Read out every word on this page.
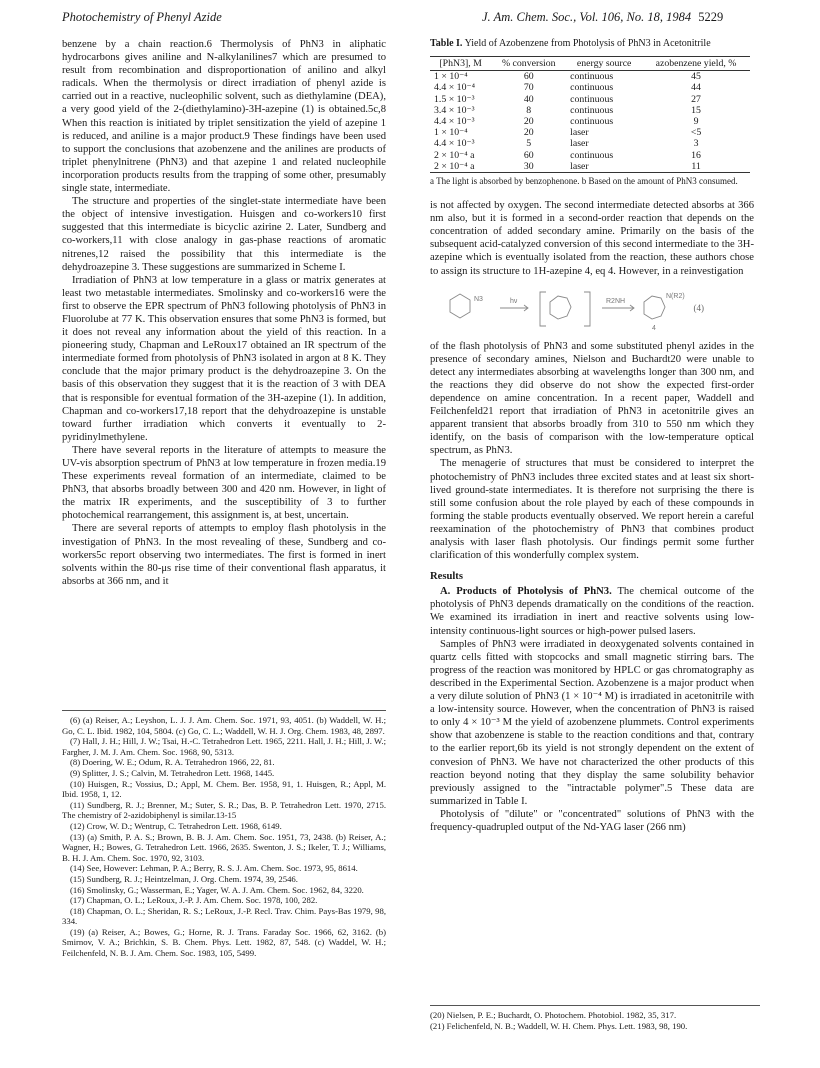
Photochemistry of Phenyl Azide	J. Am. Chem. Soc., Vol. 106, No. 18, 1984 5229

benzene by a chain reaction.6 Thermolysis of PhN3 in aliphatic hydrocarbons gives aniline and N-alkylanilines7 which are presumed to result from recombination and disproportionation of anilino and alkyl radicals. When the thermolysis or direct irradiation of phenyl azide is carried out in a reactive, nucleophilic solvent, such as diethylamine (DEA), a very good yield of the 2-(diethylamino)-3H-azepine (1) is obtained.5c,8 When this reaction is initiated by triplet sensitization the yield of azepine 1 is reduced, and aniline is a major product.9 These findings have been used to support the conclusions that azobenzene and the anilines are products of triplet phenylnitrene (PhN3) and that azepine 1 and related nucleophile incorporation products results from the trapping of some other, presumably single state, intermediate.

The structure and properties of the singlet-state intermediate have been the object of intensive investigation. Huisgen and co-workers10 first suggested that this intermediate is bicyclic azirine 2. Later, Sundberg and co-workers,11 with close analogy in gas-phase reactions of aromatic nitrenes,12 raised the possibility that this intermediate is the dehydroazepine 3. These suggestions are summarized in Scheme I.

Irradiation of PhN3 at low temperature in a glass or matrix generates at least two metastable intermediates. Smolinsky and co-workers16 were the first to observe the EPR spectrum of PhN3 following photolysis of PhN3 in Fluorolube at 77 K. This observation ensures that some PhN3 is formed, but it does not reveal any information about the yield of this reaction. In a pioneering study, Chapman and LeRoux17 obtained an IR spectrum of the intermediate formed from photolysis of PhN3 isolated in argon at 8 K. They conclude that the major primary product is the dehydroazepine 3. On the basis of this observation they suggest that it is the reaction of 3 with DEA that is responsible for eventual formation of the 3H-azepine (1). In addition, Chapman and co-workers17,18 report that the dehydroazepine is unstable toward further irradiation which converts it eventually to 2-pyridinylmethylene.

There have several reports in the literature of attempts to measure the UV-vis absorption spectrum of PhN3 at low temperature in frozen media.19 These experiments reveal formation of an intermediate, claimed to be PhN3, that absorbs broadly between 300 and 420 nm. However, in light of the matrix IR experiments, and the susceptibility of 3 to further photochemical rearrangement, this assignment is, at best, uncertain.

There are several reports of attempts to employ flash photolysis in the investigation of PhN3. In the most revealing of these, Sundberg and co-workers5c report observing two intermediates. The first is formed in inert solvents within the 80-μs rise time of their conventional flash apparatus, it absorbs at 366 nm, and it

(6) (a) Reiser, A.; Leyshon, L. J. J. Am. Chem. Soc. 1971, 93, 4051. (b) Waddell, W. H.; Go, C. L. Ibid. 1982, 104, 5804. (c) Go, C. L.; Waddell, W. H. J. Org. Chem. 1983, 48, 2897.
(7) Hall, J. H.; Hill, J. W.; Tsai, H.-C. Tetrahedron Lett. 1965, 2211. Hall, J. H.; Hill, J. W.; Fargher, J. M. J. Am. Chem. Soc. 1968, 90, 5313.
(8) Doering, W. E.; Odum, R. A. Tetrahedron 1966, 22, 81.
(9) Splitter, J. S.; Calvin, M. Tetrahedron Lett. 1968, 1445.
(10) Huisgen, R.; Vossius, D.; Appl, M. Chem. Ber. 1958, 91, 1. Huisgen, R.; Appl, M. Ibid. 1958, 1, 12.
(11) Sundberg, R. J.; Brenner, M.; Suter, S. R.; Das, B. P. Tetrahedron Lett. 1970, 2715. The chemistry of 2-azidobiphenyl is similar.13-15
(12) Crow, W. D.; Wentrup, C. Tetrahedron Lett. 1968, 6149.
(13) (a) Smith, P. A. S.; Brown, B. B. J. Am. Chem. Soc. 1951, 73, 2438. (b) Reiser, A.; Wagner, H.; Bowes, G. Tetrahedron Lett. 1966, 2635. Swenton, J. S.; Ikeler, T. J.; Williams, B. H. J. Am. Chem. Soc. 1970, 92, 3103.
(14) See, However: Lehman, P. A.; Berry, R. S. J. Am. Chem. Soc. 1973, 95, 8614.
(15) Sundberg, R. J.; Heintzelman, J. Org. Chem. 1974, 39, 2546.
(16) Smolinsky, G.; Wasserman, E.; Yager, W. A. J. Am. Chem. Soc. 1962, 84, 3220.
(17) Chapman, O. L.; LeRoux, J.-P. J. Am. Chem. Soc. 1978, 100, 282.
(18) Chapman, O. L.; Sheridan, R. S.; LeRoux, J.-P. Recl. Trav. Chim. Pays-Bas 1979, 98, 334.
(19) (a) Reiser, A.; Bowes, G.; Horne, R. J. Trans. Faraday Soc. 1966, 62, 3162. (b) Smirnov, V. A.; Brichkin, S. B. Chem. Phys. Lett. 1982, 87, 548. (c) Waddel, W. H.; Feilchenfeld, N. B. J. Am. Chem. Soc. 1983, 105, 5499.
Table I. Yield of Azobenzene from Photolysis of PhN3 in Acetonitrile
[PhN3], M	% conversion	energy source	azobenzene yield, %
1 × 10⁻⁴	60	continuous	45
4.4 × 10⁻⁴	70	continuous	44
1.5 × 10⁻³	40	continuous	27
3.4 × 10⁻³	8	continuous	15
4.4 × 10⁻³	20	continuous	9
1 × 10⁻⁴	20	laser	<5
4.4 × 10⁻³	5	laser	3
2 × 10⁻⁴ a	60	continuous	16
2 × 10⁻⁴ a	30	laser	11
a The light is absorbed by benzophenone. b Based on the amount of PhN3 consumed.

is not affected by oxygen. The second intermediate detected absorbs at 366 nm also, but it is formed in a second-order reaction that depends on the concentration of added secondary amine. Primarily on the basis of the subsequent acid-catalyzed conversion of this second intermediate to the 3H-azepine which is eventually isolated from the reaction, these authors chose to assign its structure to 1H-azepine 4, eq 4. However, in a reinvestigation

N3	hν	R2NH
N(R2)
4
(4)

of the flash photolysis of PhN3 and some substituted phenyl azides in the presence of secondary amines, Nielson and Buchardt20 were unable to detect any intermediates absorbing at wavelengths longer than 300 nm, and the reactions they did observe do not show the expected first-order dependence on amine concentration. In a recent paper, Waddell and Feilchenfeld21 report that irradiation of PhN3 in acetonitrile gives an apparent transient that absorbs broadly from 310 to 550 nm which they identify, on the basis of comparison with the low-temperature optical spectrum, as PhN3.

The menagerie of structures that must be considered to interpret the photochemistry of PhN3 includes three excited states and at least six short-lived ground-state intermediates. It is therefore not surprising the there is still some confusion about the role played by each of these compounds in forming the stable products eventually observed. We report herein a careful reexamination of the photochemistry of PhN3 that combines product analysis with laser flash photolysis. Our findings permit some further clarification of this wonderfully complex system.

Results

A. Products of Photolysis of PhN3. The chemical outcome of the photolysis of PhN3 depends dramatically on the conditions of the reaction. We examined its irradiation in inert and reactive solvents using low-intensity continuous-light sources or high-power pulsed lasers.

Samples of PhN3 were irradiated in deoxygenated solvents contained in quartz cells fitted with stopcocks and small magnetic stirring bars. The progress of the reaction was monitored by HPLC or gas chromatography as described in the Experimental Section. Azobenzene is a major product when a very dilute solution of PhN3 (1 × 10⁻⁴ M) is irradiated in acetonitrile with a low-intensity source. However, when the concentration of PhN3 is raised to only 4 × 10⁻³ M the yield of azobenzene plummets. Control experiments show that azobenzene is stable to the reaction conditions and that, contrary to the earlier report,6b its yield is not strongly dependent on the extent of convesion of PhN3. We have not characterized the other products of this reaction beyond noting that they display the same solubility behavior previously assigned to the "intractable polymer".5 These data are summarized in Table I.

Photolysis of "dilute" or "concentrated" solutions of PhN3 with the frequency-quadrupled output of the Nd-YAG laser (266 nm)

(20) Nielsen, P. E.; Buchardt, O. Photochem. Photobiol. 1982, 35, 317.
(21) Felichenfeld, N. B.; Waddell, W. H. Chem. Phys. Lett. 1983, 98, 190.
